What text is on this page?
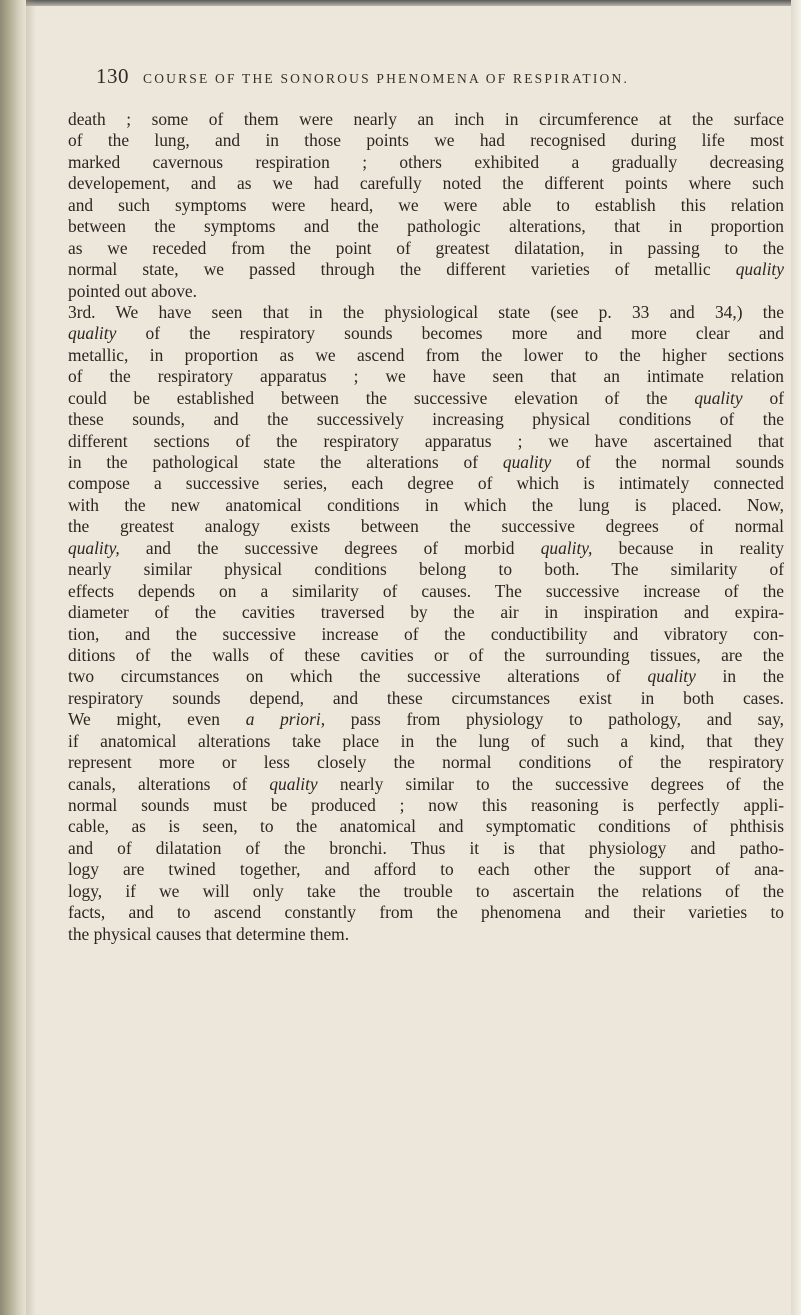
130 COURSE OF THE SONOROUS PHENOMENA OF RESPIRATION.
death ; some of them were nearly an inch in circumference at the surface
of the lung, and in those points we had recognised during life most
marked cavernous respiration ; others exhibited a gradually decreasing
developement, and as we had carefully noted the different points where such
and such symptoms were heard, we were able to establish this relation
between the symptoms and the pathologic alterations, that in proportion
as we receded from the point of greatest dilatation, in passing to the
normal state, we passed through the different varieties of metallic quality
pointed out above.
3rd. We have seen that in the physiological state (see p. 33 and 34,) the
quality of the respiratory sounds becomes more and more clear and
metallic, in proportion as we ascend from the lower to the higher sections
of the respiratory apparatus ; we have seen that an intimate relation
could be established between the successive elevation of the quality of
these sounds, and the successively increasing physical conditions of the
different sections of the respiratory apparatus ; we have ascertained that
in the pathological state the alterations of quality of the normal sounds
compose a successive series, each degree of which is intimately connected
with the new anatomical conditions in which the lung is placed. Now,
the greatest analogy exists between the successive degrees of normal
quality, and the successive degrees of morbid quality, because in reality
nearly similar physical conditions belong to both. The similarity of
effects depends on a similarity of causes. The successive increase of the
diameter of the cavities traversed by the air in inspiration and expira-
tion, and the successive increase of the conductibility and vibratory con-
ditions of the walls of these cavities or of the surrounding tissues, are the
two circumstances on which the successive alterations of quality in the
respiratory sounds depend, and these circumstances exist in both cases.
We might, even a priori, pass from physiology to pathology, and say,
if anatomical alterations take place in the lung of such a kind, that they
represent more or less closely the normal conditions of the respiratory
canals, alterations of quality nearly similar to the successive degrees of the
normal sounds must be produced ; now this reasoning is perfectly appli-
cable, as is seen, to the anatomical and symptomatic conditions of phthisis
and of dilatation of the bronchi. Thus it is that physiology and patho-
logy are twined together, and afford to each other the support of ana-
logy, if we will only take the trouble to ascertain the relations of the
facts, and to ascend constantly from the phenomena and their varieties to
the physical causes that determine them.
